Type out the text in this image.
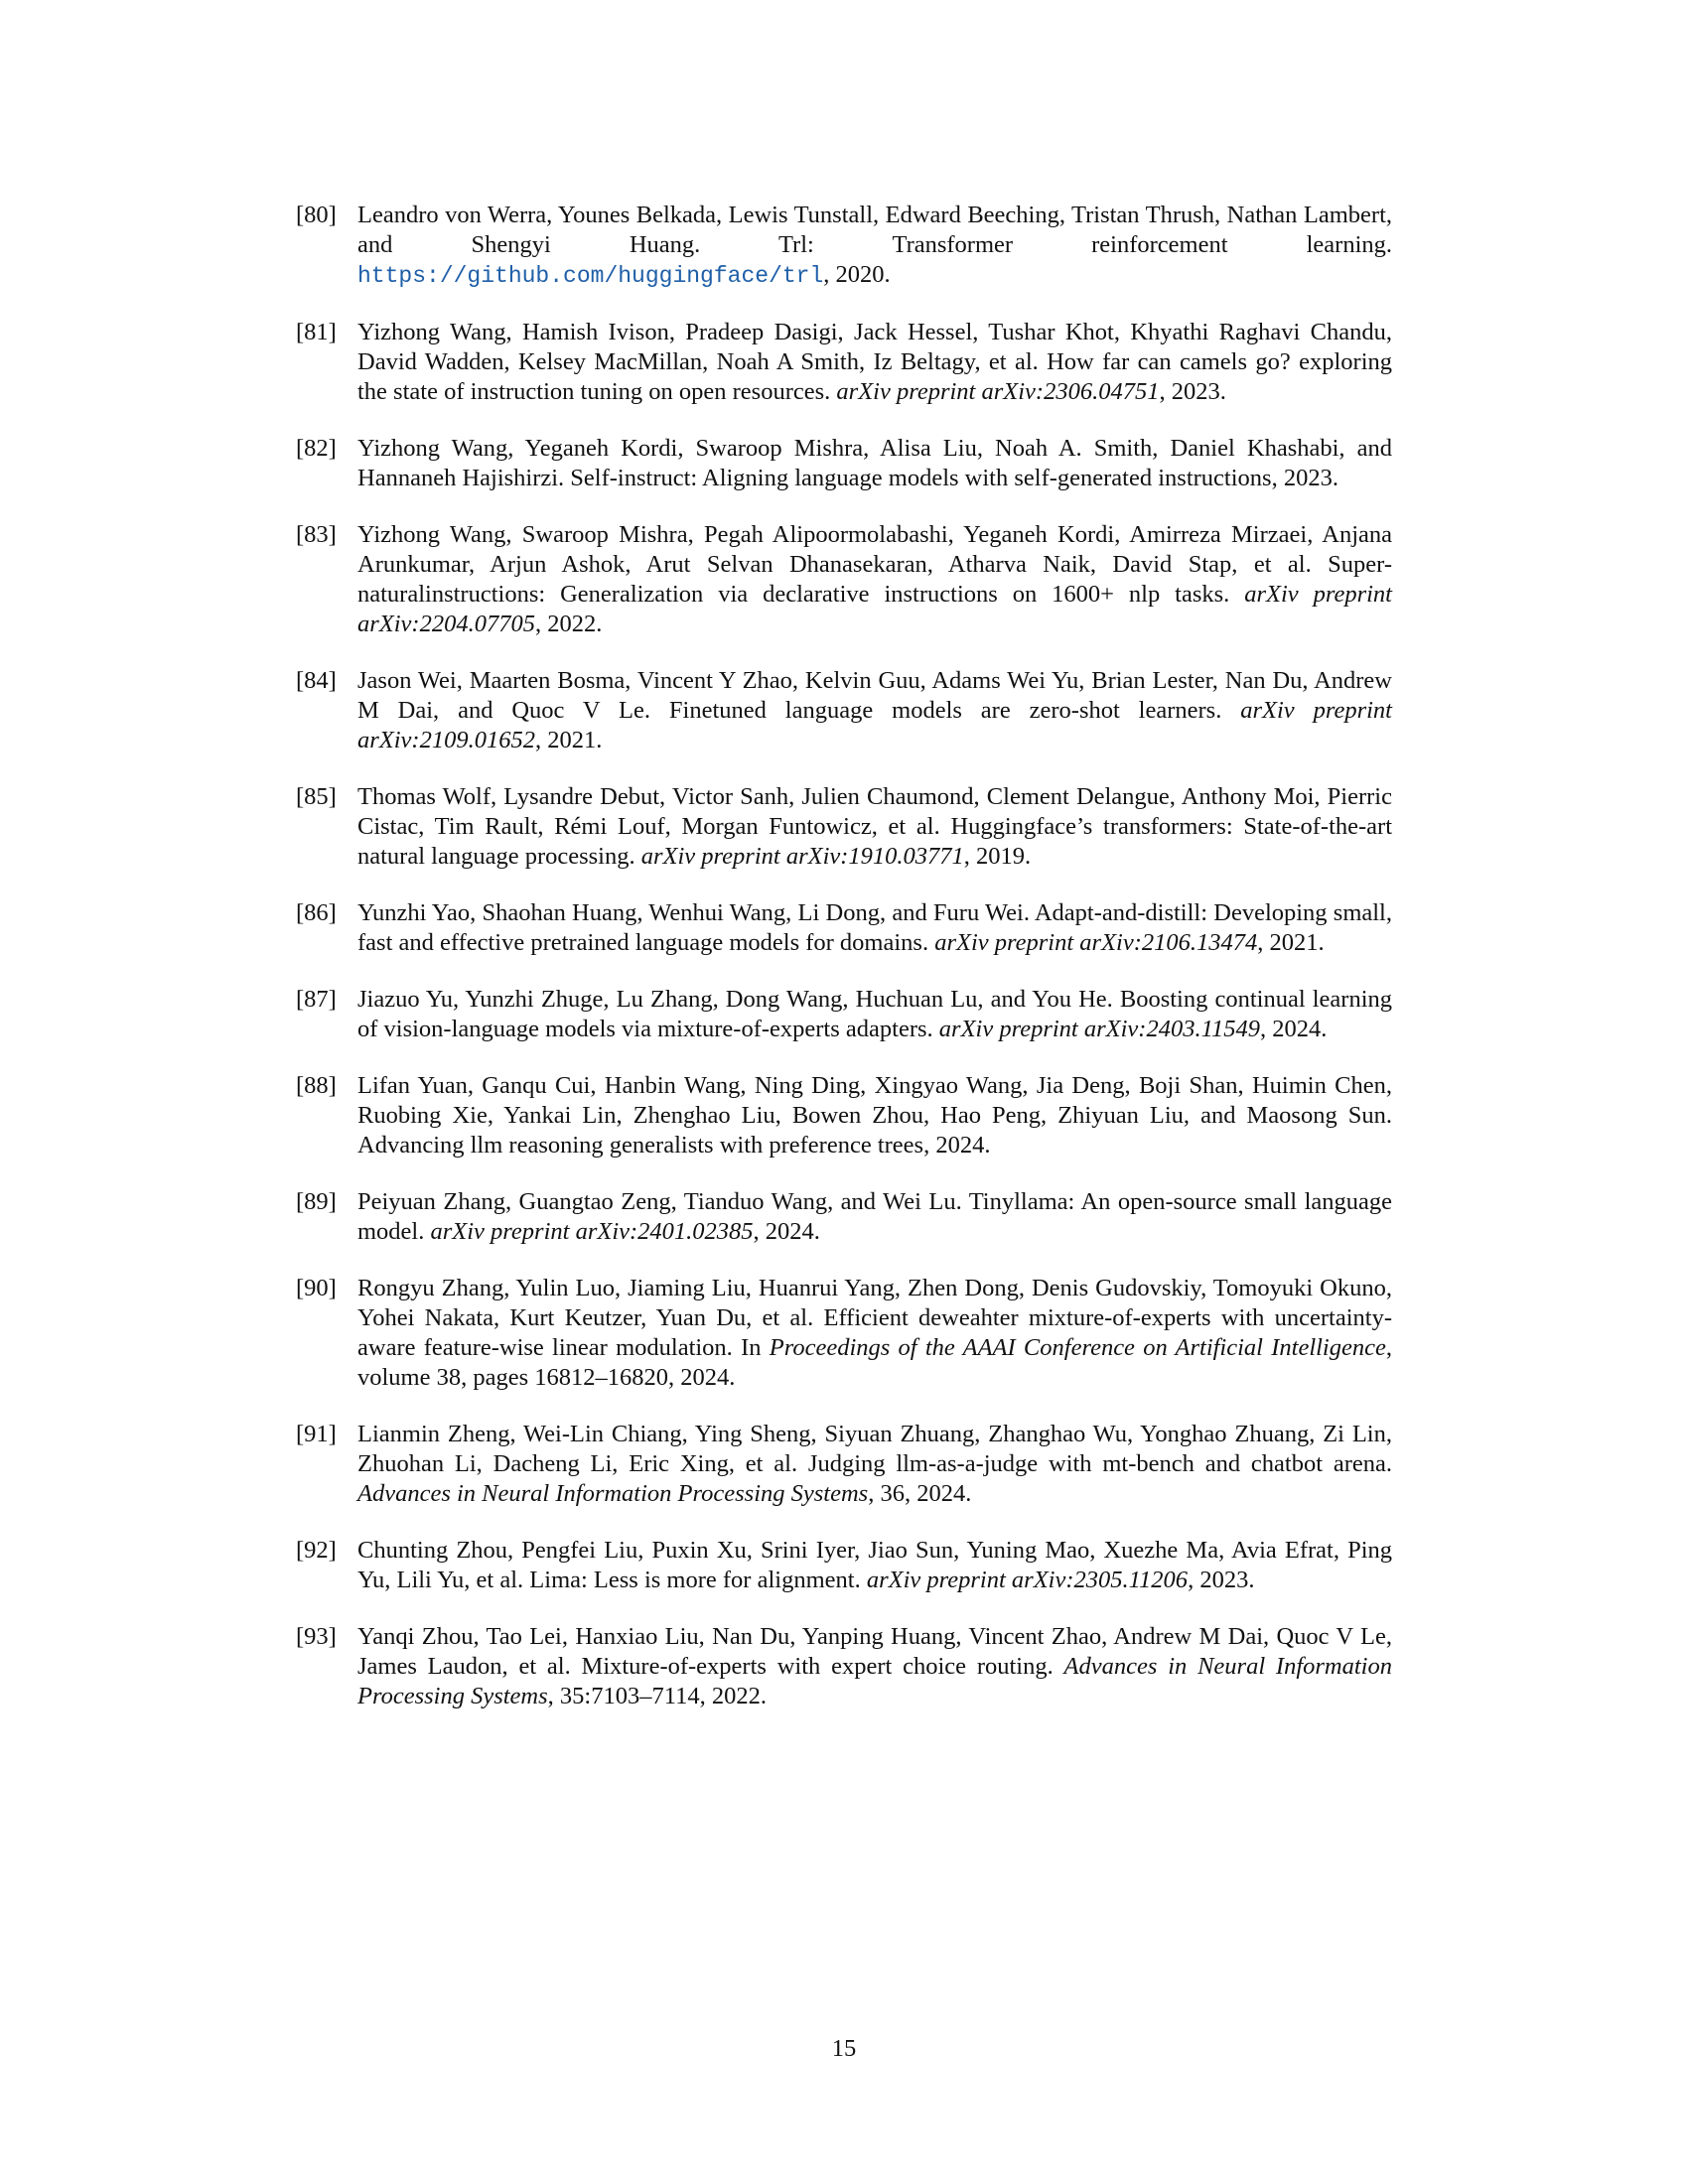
[80] Leandro von Werra, Younes Belkada, Lewis Tunstall, Edward Beeching, Tristan Thrush, Nathan Lambert, and Shengyi Huang. Trl: Transformer reinforcement learning. https://github.com/huggingface/trl, 2020.
[81] Yizhong Wang, Hamish Ivison, Pradeep Dasigi, Jack Hessel, Tushar Khot, Khyathi Raghavi Chandu, David Wadden, Kelsey MacMillan, Noah A Smith, Iz Beltagy, et al. How far can camels go? exploring the state of instruction tuning on open resources. arXiv preprint arXiv:2306.04751, 2023.
[82] Yizhong Wang, Yeganeh Kordi, Swaroop Mishra, Alisa Liu, Noah A. Smith, Daniel Khashabi, and Hannaneh Hajishirzi. Self-instruct: Aligning language models with self-generated instructions, 2023.
[83] Yizhong Wang, Swaroop Mishra, Pegah Alipoormolabashi, Yeganeh Kordi, Amirreza Mirzaei, Anjana Arunkumar, Arjun Ashok, Arut Selvan Dhanasekaran, Atharva Naik, David Stap, et al. Super-naturalinstructions: Generalization via declarative instructions on 1600+ nlp tasks. arXiv preprint arXiv:2204.07705, 2022.
[84] Jason Wei, Maarten Bosma, Vincent Y Zhao, Kelvin Guu, Adams Wei Yu, Brian Lester, Nan Du, Andrew M Dai, and Quoc V Le. Finetuned language models are zero-shot learners. arXiv preprint arXiv:2109.01652, 2021.
[85] Thomas Wolf, Lysandre Debut, Victor Sanh, Julien Chaumond, Clement Delangue, Anthony Moi, Pierric Cistac, Tim Rault, Rémi Louf, Morgan Funtowicz, et al. Huggingface’s transformers: State-of-the-art natural language processing. arXiv preprint arXiv:1910.03771, 2019.
[86] Yunzhi Yao, Shaohan Huang, Wenhui Wang, Li Dong, and Furu Wei. Adapt-and-distill: Developing small, fast and effective pretrained language models for domains. arXiv preprint arXiv:2106.13474, 2021.
[87] Jiazuo Yu, Yunzhi Zhuge, Lu Zhang, Dong Wang, Huchuan Lu, and You He. Boosting continual learning of vision-language models via mixture-of-experts adapters. arXiv preprint arXiv:2403.11549, 2024.
[88] Lifan Yuan, Ganqu Cui, Hanbin Wang, Ning Ding, Xingyao Wang, Jia Deng, Boji Shan, Huimin Chen, Ruobing Xie, Yankai Lin, Zhenghao Liu, Bowen Zhou, Hao Peng, Zhiyuan Liu, and Maosong Sun. Advancing llm reasoning generalists with preference trees, 2024.
[89] Peiyuan Zhang, Guangtao Zeng, Tianduo Wang, and Wei Lu. Tinyllama: An open-source small language model. arXiv preprint arXiv:2401.02385, 2024.
[90] Rongyu Zhang, Yulin Luo, Jiaming Liu, Huanrui Yang, Zhen Dong, Denis Gudovskiy, Tomoyuki Okuno, Yohei Nakata, Kurt Keutzer, Yuan Du, et al. Efficient deweahter mixture-of-experts with uncertainty-aware feature-wise linear modulation. In Proceedings of the AAAI Conference on Artificial Intelligence, volume 38, pages 16812–16820, 2024.
[91] Lianmin Zheng, Wei-Lin Chiang, Ying Sheng, Siyuan Zhuang, Zhanghao Wu, Yonghao Zhuang, Zi Lin, Zhuohan Li, Dacheng Li, Eric Xing, et al. Judging llm-as-a-judge with mt-bench and chatbot arena. Advances in Neural Information Processing Systems, 36, 2024.
[92] Chunting Zhou, Pengfei Liu, Puxin Xu, Srini Iyer, Jiao Sun, Yuning Mao, Xuezhe Ma, Avia Efrat, Ping Yu, Lili Yu, et al. Lima: Less is more for alignment. arXiv preprint arXiv:2305.11206, 2023.
[93] Yanqi Zhou, Tao Lei, Hanxiao Liu, Nan Du, Yanping Huang, Vincent Zhao, Andrew M Dai, Quoc V Le, James Laudon, et al. Mixture-of-experts with expert choice routing. Advances in Neural Information Processing Systems, 35:7103–7114, 2022.
15
